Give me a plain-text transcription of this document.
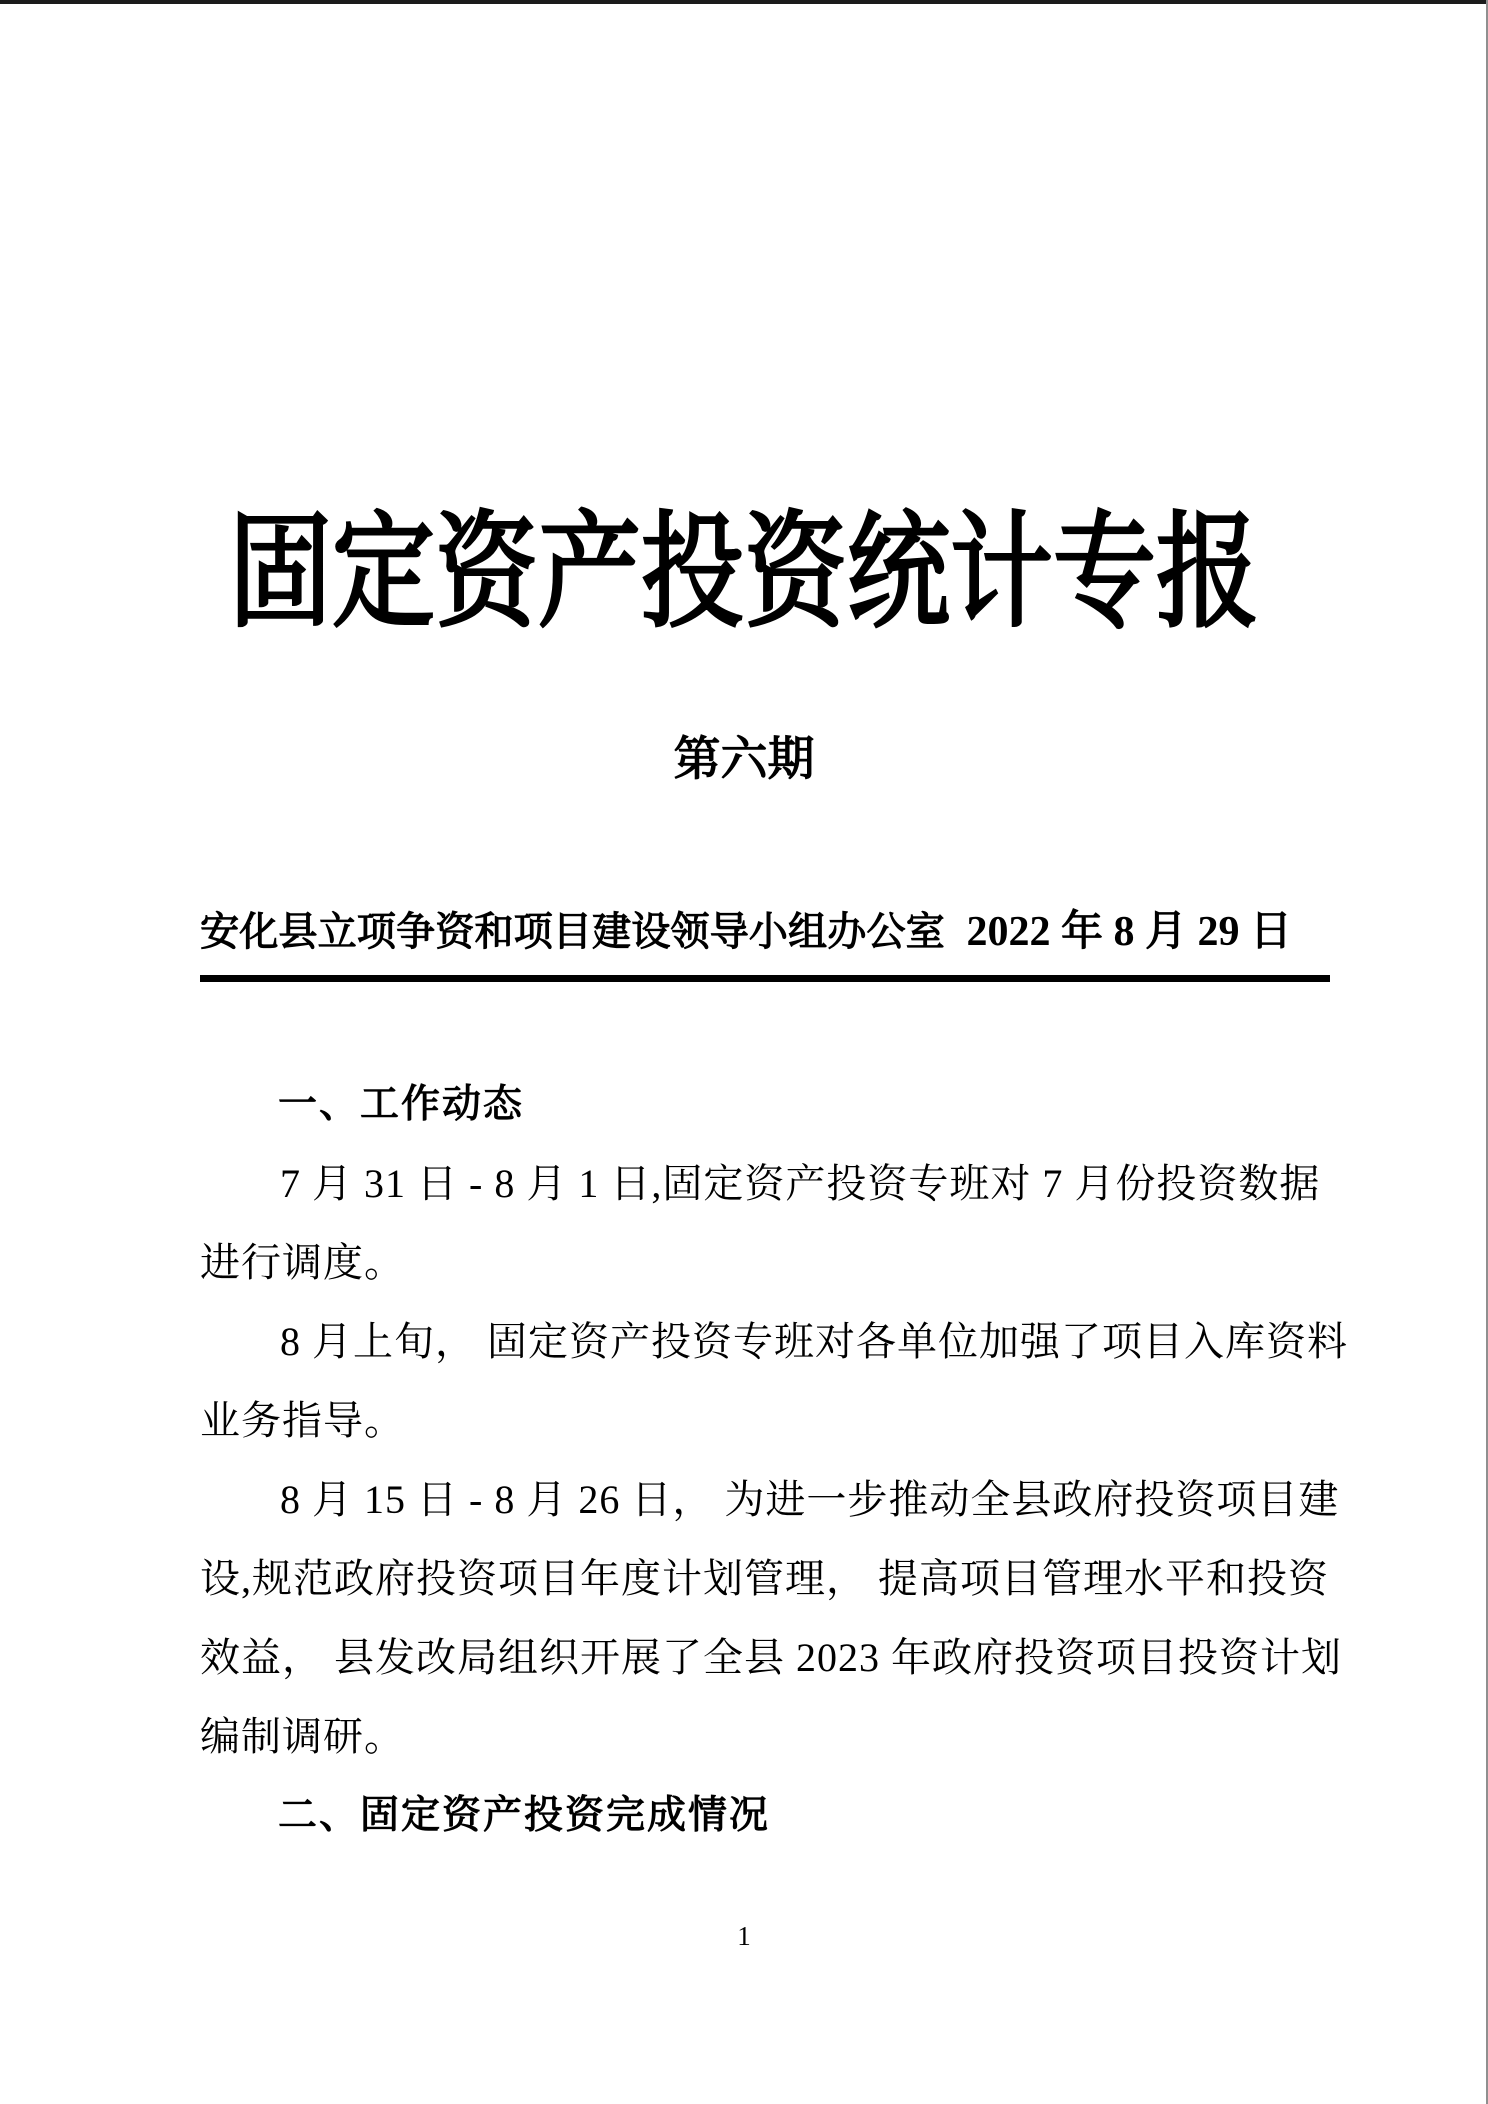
固定资产投资统计专报
第六期
安化县立项争资和项目建设领导小组办公室 2022 年 8 月 29 日
一、工作动态
7 月 31 日 - 8 月 1 日,固定资产投资专班对 7 月份投资数据
进行调度。
8 月上旬， 固定资产投资专班对各单位加强了项目入库资料
业务指导。
8 月 15 日 - 8 月 26 日， 为进一步推动全县政府投资项目建
设,规范政府投资项目年度计划管理， 提高项目管理水平和投资
效益， 县发改局组织开展了全县 2023 年政府投资项目投资计划
编制调研。
二、固定资产投资完成情况
1
